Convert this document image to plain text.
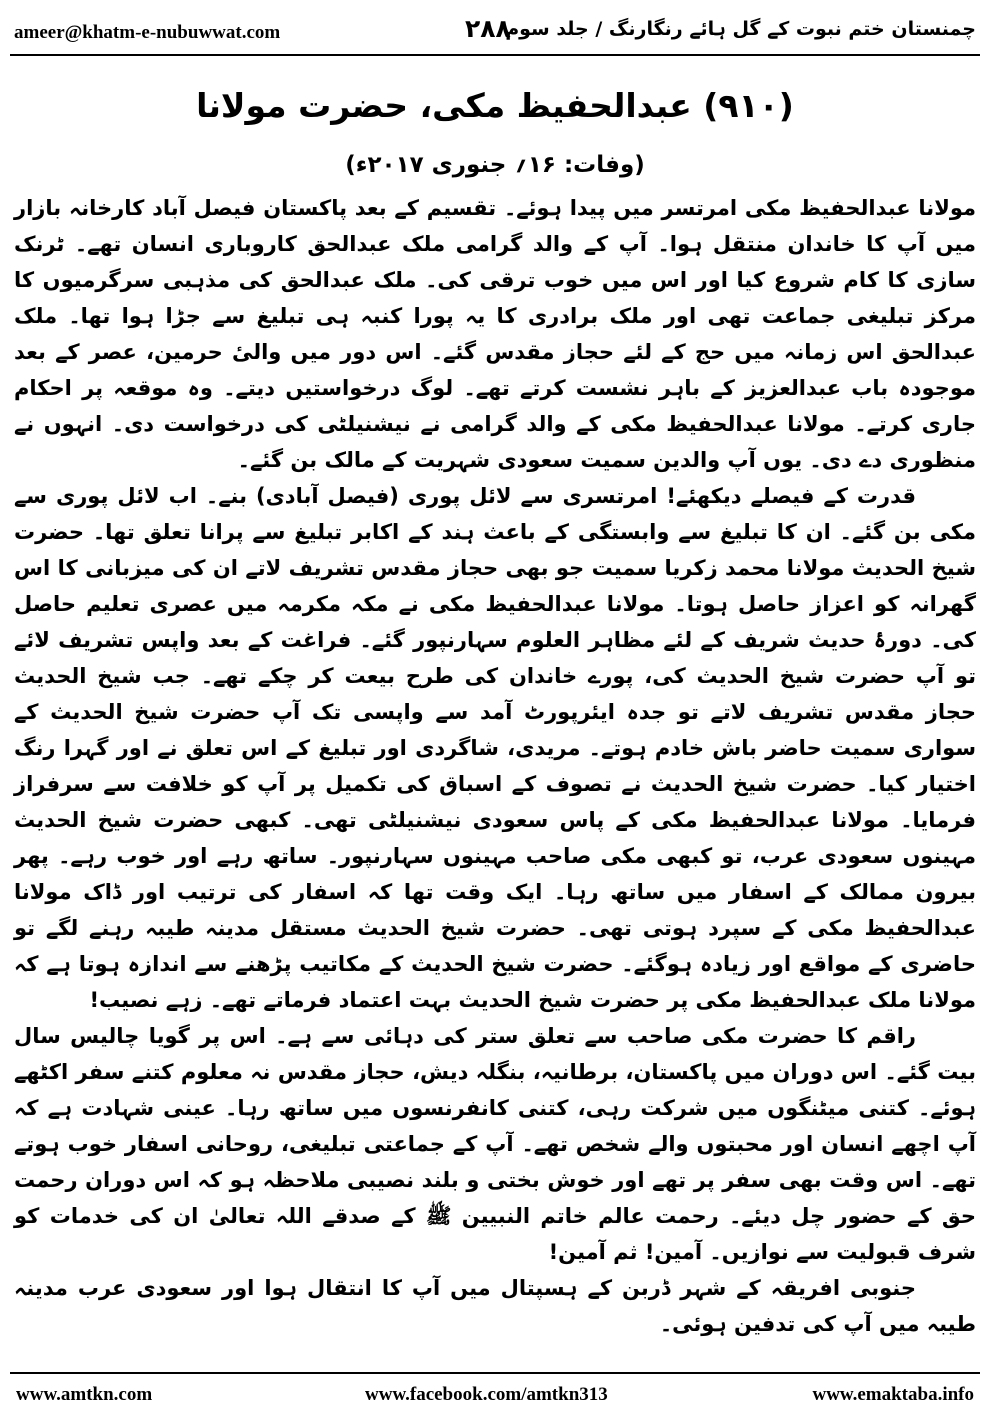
ameer@khatm-e-nubuwwat.com	۲۸۸
چمنستان ختم نبوت کے گل ہائے رنگارنگ / جلد سوم
(۹۱۰) عبدالحفیظ مکی، حضرت مولانا
(وفات: ۱۶؍ جنوری ۲۰۱۷ء)

مولانا عبدالحفیظ مکی امرتسر میں پیدا ہوئے۔ تقسیم کے بعد پاکستان فیصل آباد کارخانہ بازار میں آپ کا خاندان منتقل ہوا۔ آپ کے والد گرامی ملک عبدالحق کاروباری انسان تھے۔ ٹرنک سازی کا کام شروع کیا اور اس میں خوب ترقی کی۔ ملک عبدالحق کی مذہبی سرگرمیوں کا مرکز تبلیغی جماعت تھی اور ملک برادری کا یہ پورا کنبہ ہی تبلیغ سے جڑا ہوا تھا۔ ملک عبدالحق اس زمانہ میں حج کے لئے حجاز مقدس گئے۔ اس دور میں والیٔ حرمین، عصر کے بعد موجودہ باب عبدالعزیز کے باہر نشست کرتے تھے۔ لوگ درخواستیں دیتے۔ وہ موقعہ پر احکام جاری کرتے۔ مولانا عبدالحفیظ مکی کے والد گرامی نے نیشنیلٹی کی درخواست دی۔ انہوں نے منظوری دے دی۔ یوں آپ والدین سمیت سعودی شہریت کے مالک بن گئے۔

قدرت کے فیصلے دیکھئے! امرتسری سے لائل پوری (فیصل آبادی) بنے۔ اب لائل پوری سے مکی بن گئے۔ ان کا تبلیغ سے وابستگی کے باعث ہند کے اکابر تبلیغ سے پرانا تعلق تھا۔ حضرت شیخ الحدیث مولانا محمد زکریا سمیت جو بھی حجاز مقدس تشریف لاتے ان کی میزبانی کا اس گھرانہ کو اعزاز حاصل ہوتا۔ مولانا عبدالحفیظ مکی نے مکہ مکرمہ میں عصری تعلیم حاصل کی۔ دورۂ حدیث شریف کے لئے مظاہر العلوم سہارنپور گئے۔ فراغت کے بعد واپس تشریف لائے تو آپ حضرت شیخ الحدیث کی، پورے خاندان کی طرح بیعت کر چکے تھے۔ جب شیخ الحدیث حجاز مقدس تشریف لاتے تو جدہ ایئرپورٹ آمد سے واپسی تک آپ حضرت شیخ الحدیث کے سواری سمیت حاضر باش خادم ہوتے۔ مریدی، شاگردی اور تبلیغ کے اس تعلق نے اور گہرا رنگ اختیار کیا۔ حضرت شیخ الحدیث نے تصوف کے اسباق کی تکمیل پر آپ کو خلافت سے سرفراز فرمایا۔ مولانا عبدالحفیظ مکی کے پاس سعودی نیشنیلٹی تھی۔ کبھی حضرت شیخ الحدیث مہینوں سعودی عرب، تو کبھی مکی صاحب مہینوں سہارنپور۔ ساتھ رہے اور خوب رہے۔ پھر بیرون ممالک کے اسفار میں ساتھ رہا۔ ایک وقت تھا کہ اسفار کی ترتیب اور ڈاک مولانا عبدالحفیظ مکی کے سپرد ہوتی تھی۔ حضرت شیخ الحدیث مستقل مدینہ طیبہ رہنے لگے تو حاضری کے مواقع اور زیادہ ہوگئے۔ حضرت شیخ الحدیث کے مکاتیب پڑھنے سے اندازہ ہوتا ہے کہ مولانا ملک عبدالحفیظ مکی پر حضرت شیخ الحدیث بہت اعتماد فرماتے تھے۔ زہے نصیب!

راقم کا حضرت مکی صاحب سے تعلق ستر کی دہائی سے ہے۔ اس پر گویا چالیس سال بیت گئے۔ اس دوران میں پاکستان، برطانیہ، بنگلہ دیش، حجاز مقدس نہ معلوم کتنے سفر اکٹھے ہوئے۔ کتنی میٹنگوں میں شرکت رہی، کتنی کانفرنسوں میں ساتھ رہا۔ عینی شہادت ہے کہ آپ اچھے انسان اور محبتوں والے شخص تھے۔ آپ کے جماعتی تبلیغی، روحانی اسفار خوب ہوتے تھے۔ اس وقت بھی سفر پر تھے اور خوش بختی و بلند نصیبی ملاحظہ ہو کہ اس دوران رحمت حق کے حضور چل دیئے۔ رحمت عالم خاتم النبیین ﷺ کے صدقے اللہ تعالیٰ ان کی خدمات کو شرف قبولیت سے نوازیں۔ آمین! ثم آمین!

جنوبی افریقہ کے شہر ڈربن کے ہسپتال میں آپ کا انتقال ہوا اور سعودی عرب مدینہ طیبہ میں آپ کی تدفین ہوئی۔

www.amtkn.com	www.facebook.com/amtkn313	www.emaktaba.info
